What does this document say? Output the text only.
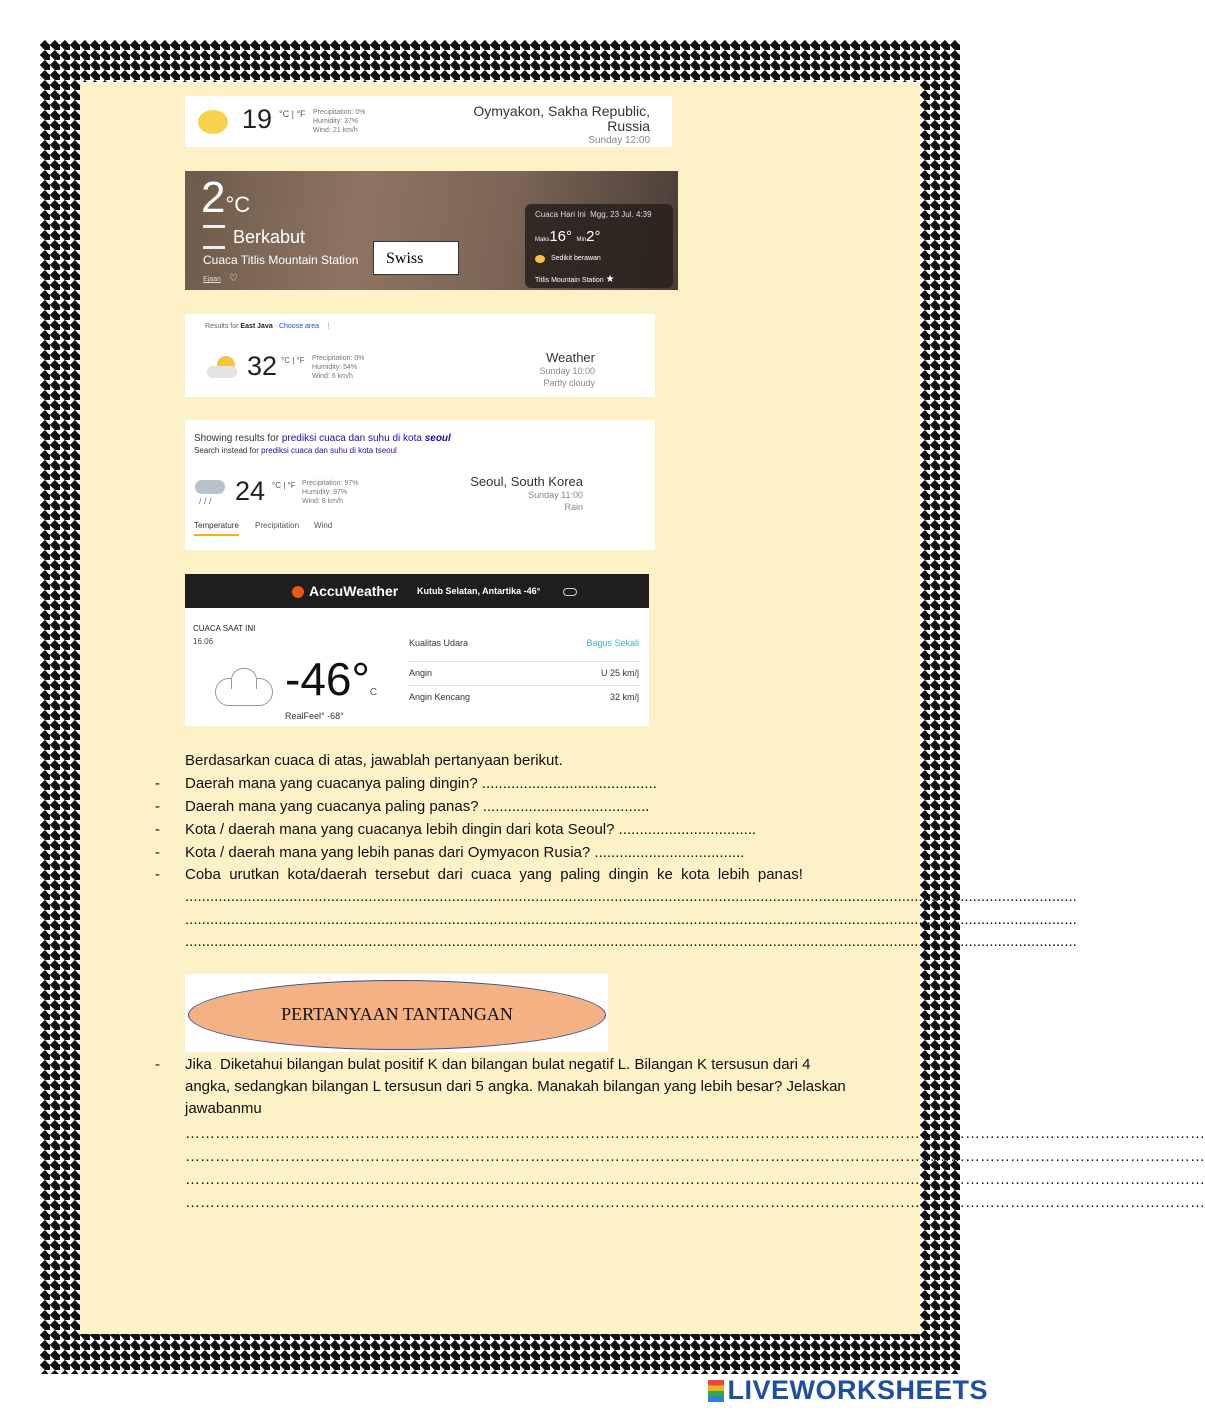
19 °C | °F Precipitation: 0%
Humidity: 37%
Wind: 21 km/h
Oymyakon, Sakha Republic,
Russia
Sunday 12:00
2°C
Berkabut
Cuaca Titlis Mountain Station
Ejaan ♡
Swiss
Cuaca Hari Ini Mgg, 23 Jul. 4:39
Maks16° Min2°
Sedikit berawan
Titlis Mountain Station ★
Results for East Java · Choose area   ⋮
32 °C | °F Precipitation: 0%
Humidity: 54%
Wind: 6 km/h
Weather
Sunday 10:00
Partly cloudy
Showing results for prediksi cuaca dan suhu di kota seoul
Search instead for prediksi cuaca dan suhu di kota tseoul
/ / / 24 °C | °F Precipitation: 97%
Humidity: 97%
Wind: 8 km/h
Seoul, South Korea
Sunday 11:00
Rain
Temperature Precipitation Wind
AccuWeather Kutub Selatan, Antartika -46°
CUACA SAAT INI
16.06
-46°C
RealFeel° -68°
Kualitas Udara	Bagus Sekali
Angin	U 25 km/j
Angin Kencang	32 km/j
Berdasarkan cuaca di atas, jawablah pertanyaan berikut.
- Daerah mana yang cuacanya paling dingin? ..........................................
- Daerah mana yang cuacanya paling panas? ........................................
- Kota / daerah mana yang cuacanya lebih dingin dari kota Seoul? .................................
- Kota / daerah mana yang lebih panas dari Oymyacon Rusia? ....................................
- Coba  urutkan  kota/daerah  tersebut  dari  cuaca  yang  paling  dingin  ke  kota  lebih  panas!
......................................................................................................................................................................................................................
......................................................................................................................................................................................................................
......................................................................................................................................................................................................................
PERTANYAAN TANTANGAN
- Jika  Diketahui bilangan bulat positif K dan bilangan bulat negatif L. Bilangan K tersusun dari 4
angka, sedangkan bilangan L tersusun dari 5 angka. Manakah bilangan yang lebih besar? Jelaskan
jawabanmu
……………………………………………………………………………………………………………………………………………………………………………………
……………………………………………………………………………………………………………………………………………………………………………………
……………………………………………………………………………………………………………………………………………………………………………………
……………………………………………………………………………………………………………………………………………………………………………………
LIVEWORKSHEETS
